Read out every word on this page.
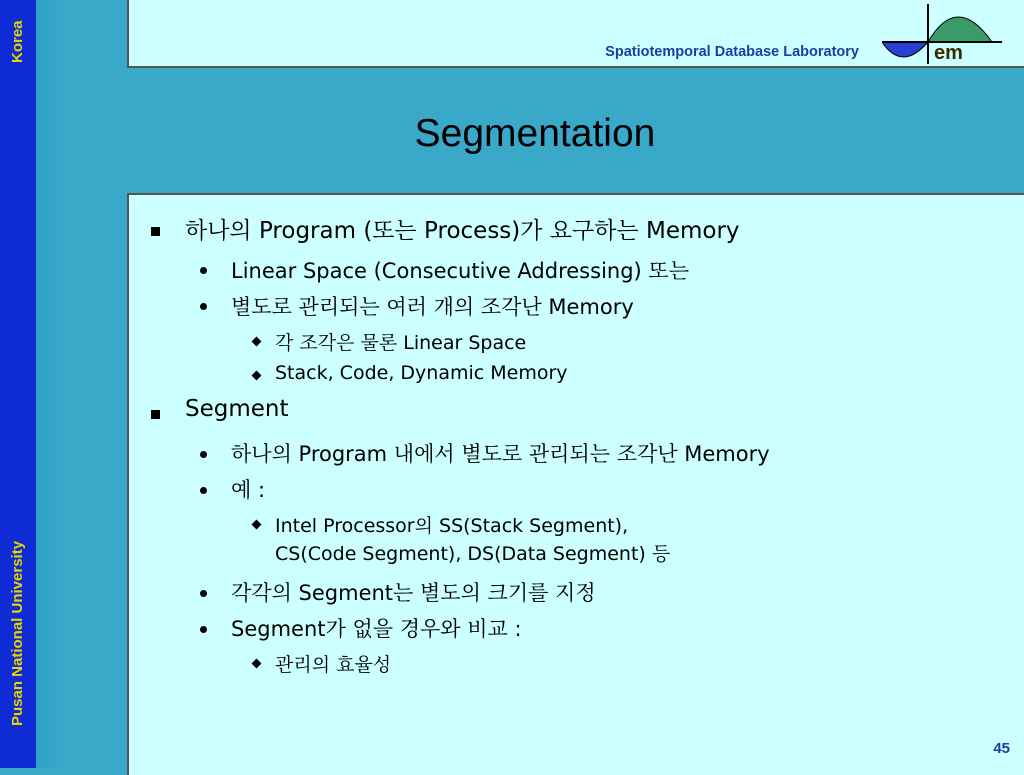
Korea
Pusan National University
Spatiotemporal Database Laboratory	em
Segmentation
하나의 Program (또는 Process)가 요구하는 Memory
Linear Space (Consecutive Addressing) 또는
별도로 관리되는 여러 개의 조각난 Memory
각 조각은 물론 Linear Space
Stack, Code, Dynamic Memory
Segment
하나의 Program 내에서 별도로 관리되는 조각난 Memory
예 :
Intel Processor의 SS(Stack Segment),
CS(Code Segment), DS(Data Segment) 등
각각의 Segment는 별도의 크기를 지정
Segment가 없을 경우와 비교 :
관리의 효율성
45
